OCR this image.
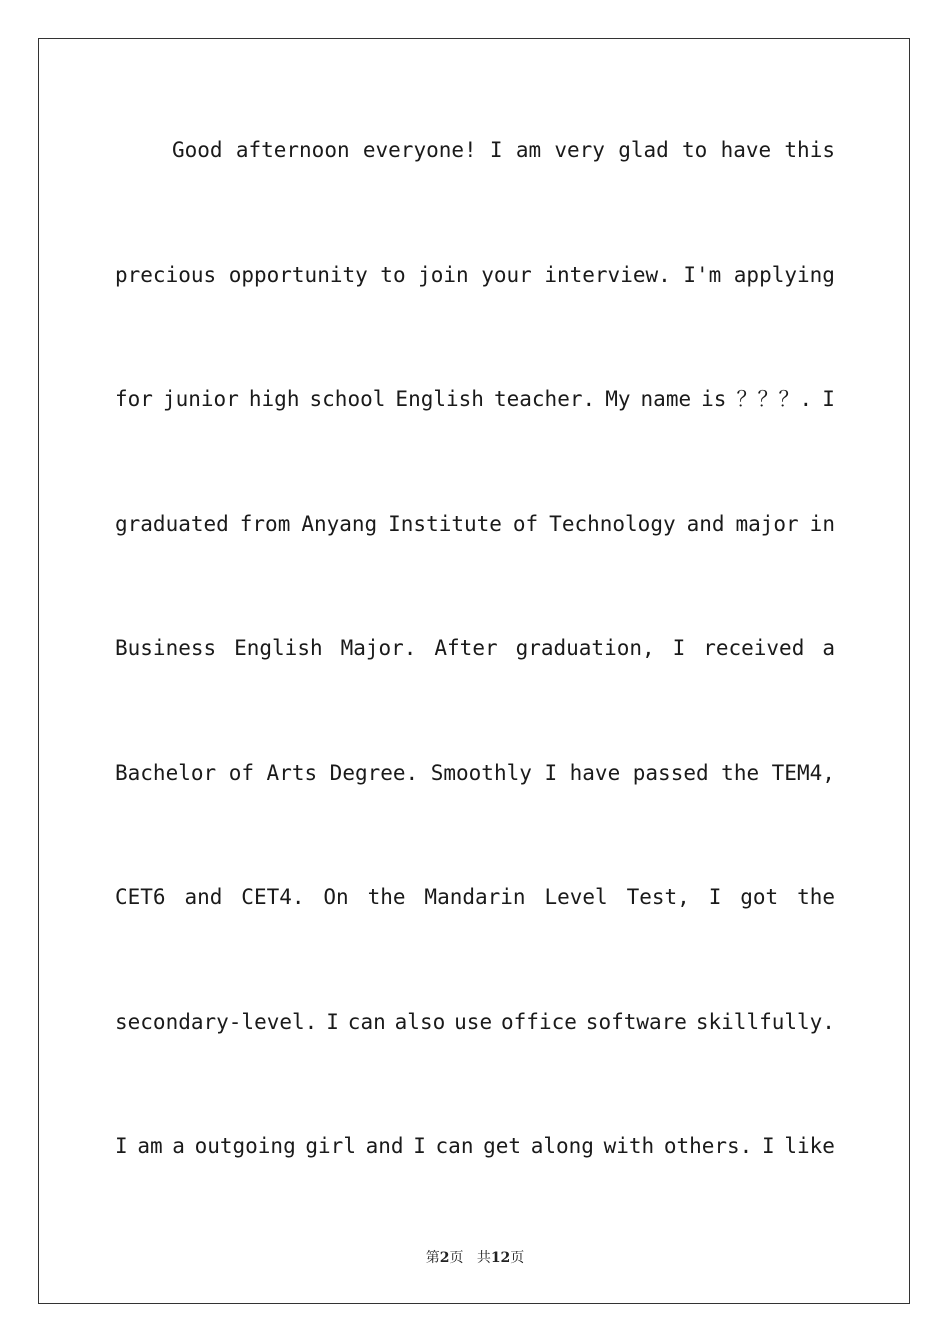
Good afternoon everyone! I am very glad to have this
precious opportunity to join your interview. I'm applying
for junior high school English teacher. My name is ？？？. I
graduated from Anyang Institute of Technology and major in
Business English Major. After graduation, I received a
Bachelor of Arts Degree. Smoothly I have passed the TEM4,
CET6 and CET4. On the Mandarin Level Test, I got the
secondary-level. I can also use office software skillfully.
I am a outgoing girl and I can get along with others. I like
第2页 共12页
